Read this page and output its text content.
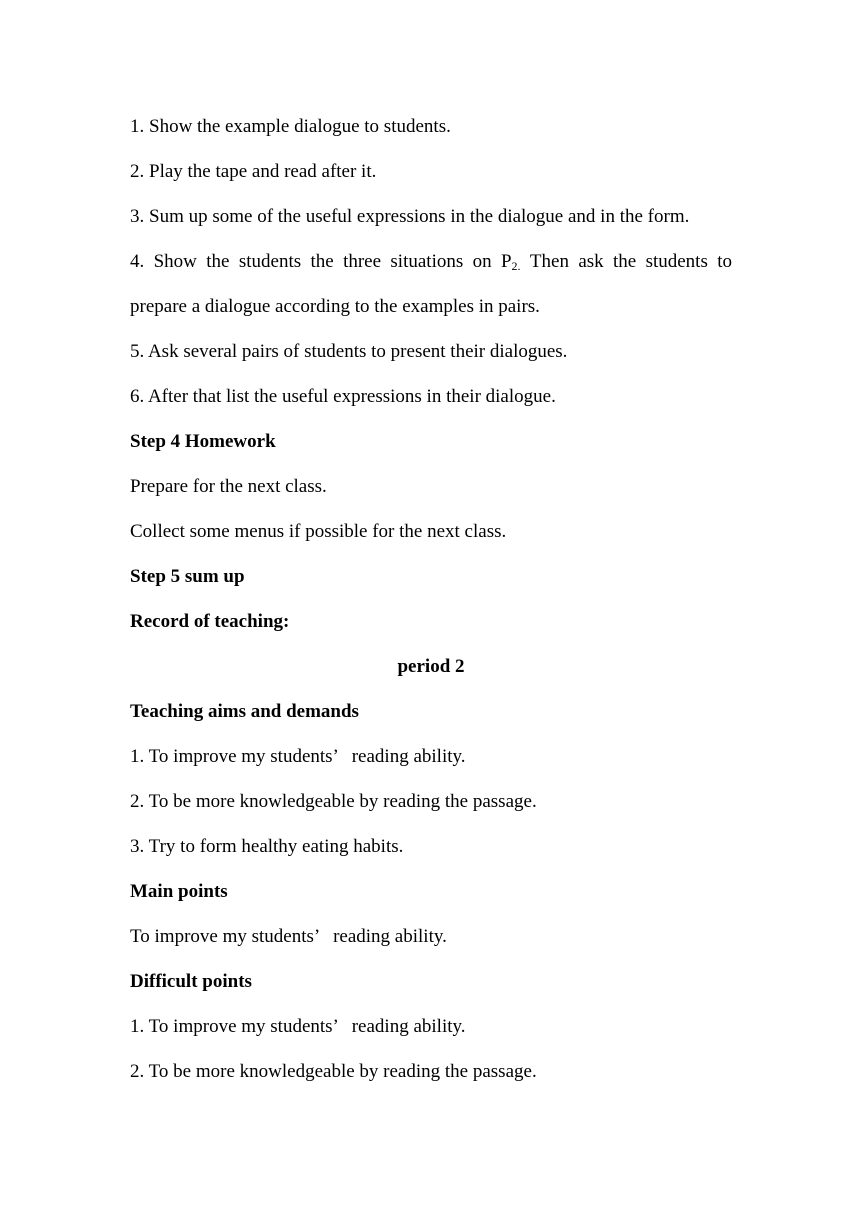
1. Show the example dialogue to students.
2. Play the tape and read after it.
3. Sum up some of the useful expressions in the dialogue and in the form.
4. Show the students the three situations on $P_{2.}$ Then ask the students to
prepare a dialogue according to the examples in pairs.
5. Ask several pairs of students to present their dialogues.
6. After that list the useful expressions in their dialogue.
Step 4 Homework
Prepare for the next class.
Collect some menus if possible for the next class.
Step 5 sum up
Record of teaching:
period 2
Teaching aims and demands
1. To improve my students’   reading ability.
2. To be more knowledgeable by reading the passage.
3. Try to form healthy eating habits.
Main points
To improve my students’   reading ability.
Difficult points
1. To improve my students’   reading ability.
2. To be more knowledgeable by reading the passage.
